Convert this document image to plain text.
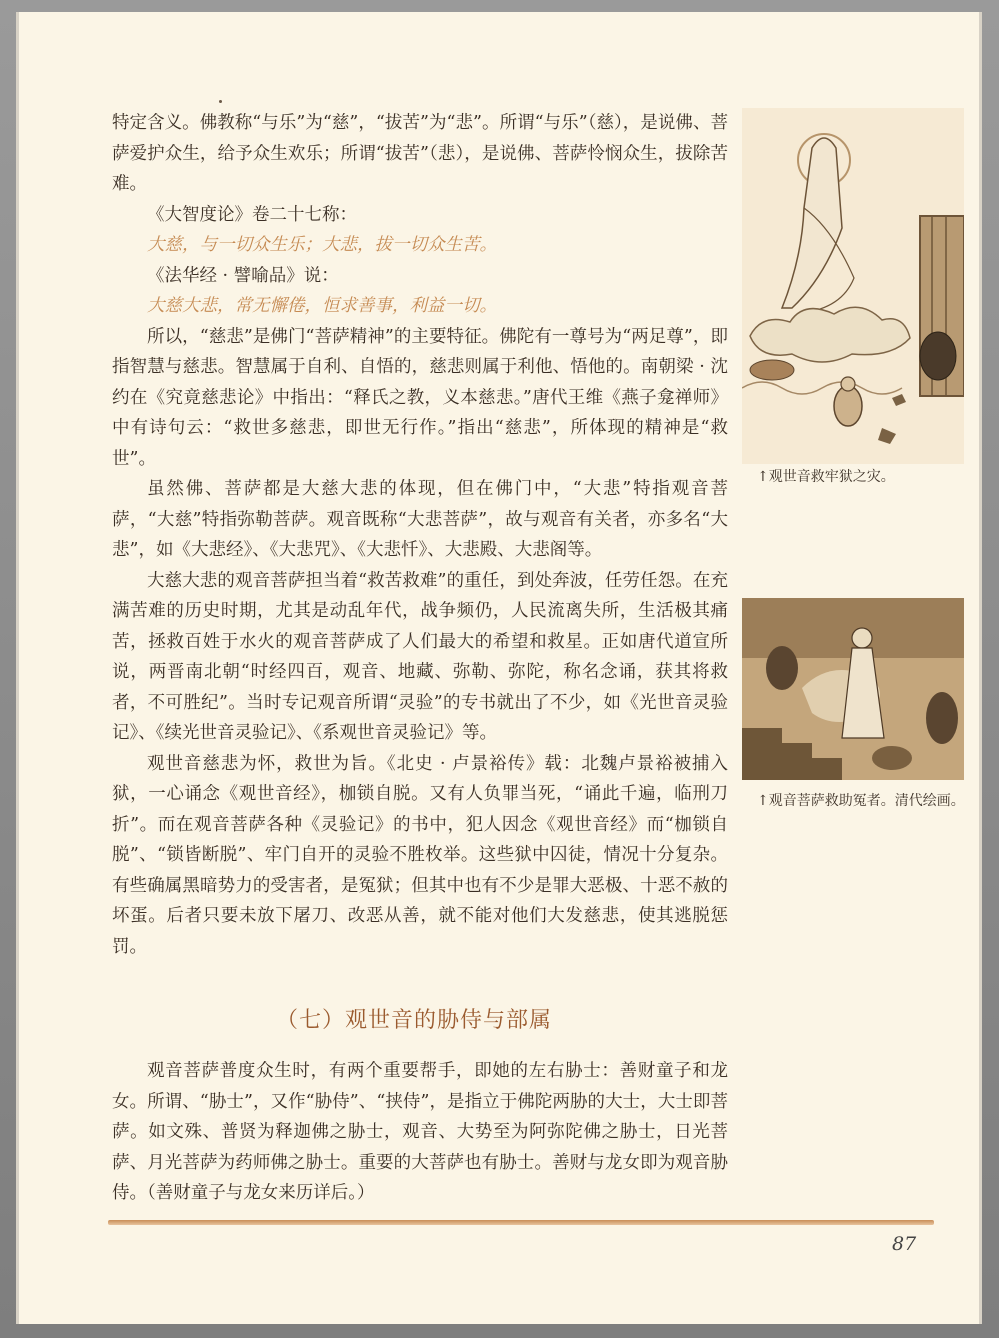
特定含义。佛教称“与乐”为“慈”，“拔苦”为“悲”。所谓“与乐”（慈），是说佛、菩萨爱护众生，给予众生欢乐；所谓“拔苦”（悲），是说佛、菩萨怜悯众生，拔除苦难。

《大智度论》卷二十七称：

大慈，与一切众生乐；大悲，拔一切众生苦。

《法华经 · 譬喻品》说：

大慈大悲，常无懈倦，恒求善事，利益一切。

所以，“慈悲”是佛门“菩萨精神”的主要特征。佛陀有一尊号为“两足尊”，即指智慧与慈悲。智慧属于自利、自悟的，慈悲则属于利他、悟他的。南朝梁 · 沈约在《究竟慈悲论》中指出：“释氏之教，义本慈悲。”唐代王维《燕子龛禅师》中有诗句云：“救世多慈悲，即世无行作。”指出“慈悲”，所体现的精神是“救世”。

虽然佛、菩萨都是大慈大悲的体现，但在佛门中，“大悲”特指观音菩萨，“大慈”特指弥勒菩萨。观音既称“大悲菩萨”，故与观音有关者，亦多名“大悲”，如《大悲经》、《大悲咒》、《大悲忏》、大悲殿、大悲阁等。

大慈大悲的观音菩萨担当着“救苦救难”的重任，到处奔波，任劳任怨。在充满苦难的历史时期，尤其是动乱年代，战争频仍，人民流离失所，生活极其痛苦，拯救百姓于水火的观音菩萨成了人们最大的希望和救星。正如唐代道宣所说，两晋南北朝“时经四百，观音、地藏、弥勒、弥陀，称名念诵，获其将救者，不可胜纪”。当时专记观音所谓“灵验”的专书就出了不少，如《光世音灵验记》、《续光世音灵验记》、《系观世音灵验记》等。

观世音慈悲为怀，救世为旨。《北史 · 卢景裕传》载：北魏卢景裕被捕入狱，一心诵念《观世音经》，枷锁自脱。又有人负罪当死，“诵此千遍，临刑刀折”。而在观音菩萨各种《灵验记》的书中，犯人因念《观世音经》而“枷锁自脱”、“锁皆断脱”、牢门自开的灵验不胜枚举。这些狱中囚徒，情况十分复杂。有些确属黑暗势力的受害者，是冤狱；但其中也有不少是罪大恶极、十恶不赦的坏蛋。后者只要未放下屠刀、改恶从善，就不能对他们大发慈悲，使其逃脱惩罚。

（七）观世音的胁侍与部属

观音菩萨普度众生时，有两个重要帮手，即她的左右胁士：善财童子和龙女。所谓、“胁士”，又作“胁侍”、“挟侍”，是指立于佛陀两胁的大士，大士即菩萨。如文殊、普贤为释迦佛之胁士，观音、大势至为阿弥陀佛之胁士，日光菩萨、月光菩萨为药师佛之胁士。重要的大菩萨也有胁士。善财与龙女即为观音胁侍。（善财童子与龙女来历详后。）

↑观世音救牢狱之灾。
↑观音菩萨救助冤者。清代绘画。
87
